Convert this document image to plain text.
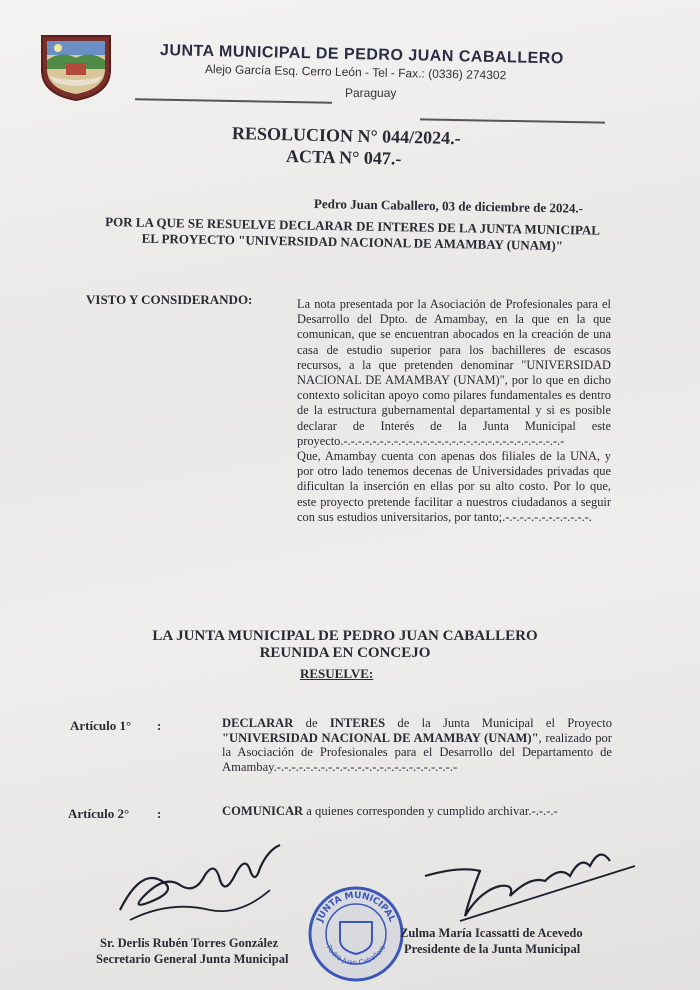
JUNTA MUNICIPAL DE PEDRO JUAN CABALLERO
Alejo García Esq. Cerro León - Tel - Fax.: (0336) 274302
Paraguay
RESOLUCION N° 044/2024.-
ACTA N° 047.-
Pedro Juan Caballero, 03 de diciembre de 2024.-
POR LA QUE SE RESUELVE DECLARAR DE INTERES DE LA JUNTA MUNICIPAL EL PROYECTO "UNIVERSIDAD NACIONAL DE AMAMBAY (UNAM)"
VISTO Y CONSIDERANDO:	La nota presentada por la Asociación de Profesionales para el Desarrollo del Dpto. de Amambay, en la que en la que comunican, que se encuentran abocados en la creación de una casa de estudio superior para los bachilleres de escasos recursos, a la que pretenden denominar "UNIVERSIDAD NACIONAL DE AMAMBAY (UNAM)", por lo que en dicho contexto solicitan apoyo como pilares fundamentales es dentro de la estructura gubernamental departamental y si es posible declarar de Interés de la Junta Municipal este proyecto.-.-.-.-.-.-.-.-.-.-.-.-.-.-.-.-.-.-.-.-.-.-.-.-.-.-.-.-.-.-.-

Que, Amambay cuenta con apenas dos filiales de la UNA, y por otro lado tenemos decenas de Universidades privadas que dificultan la inserción en ellas por su alto costo. Por lo que, este proyecto pretende facilitar a nuestros ciudadanos a seguir con sus estudios universitarios, por tanto;.-.-.-.-.-.-.-.-.-.-.-.-.

LA JUNTA MUNICIPAL DE PEDRO JUAN CABALLERO
REUNIDA EN CONCEJO
RESUELVE:
Artículo 1° :	DECLARAR de INTERES de la Junta Municipal el Proyecto "UNIVERSIDAD NACIONAL DE AMAMBAY (UNAM)", realizado por la Asociación de Profesionales para el Desarrollo del Departamento de Amambay.-.-.-.-.-.-.-.-.-.-.-.-.-.-.-.-.-.-.-.-.-.-.-.-.-
Artículo 2° :	COMUNICAR a quienes corresponden y cumplido archivar.-.-.-.-
JUNTA MUNICIPAL
Pedro Juan Caballero
Sr. Derlis Rubén Torres González
Secretario General Junta Municipal
Zulma María Icassatti de Acevedo
Presidente de la Junta Municipal
